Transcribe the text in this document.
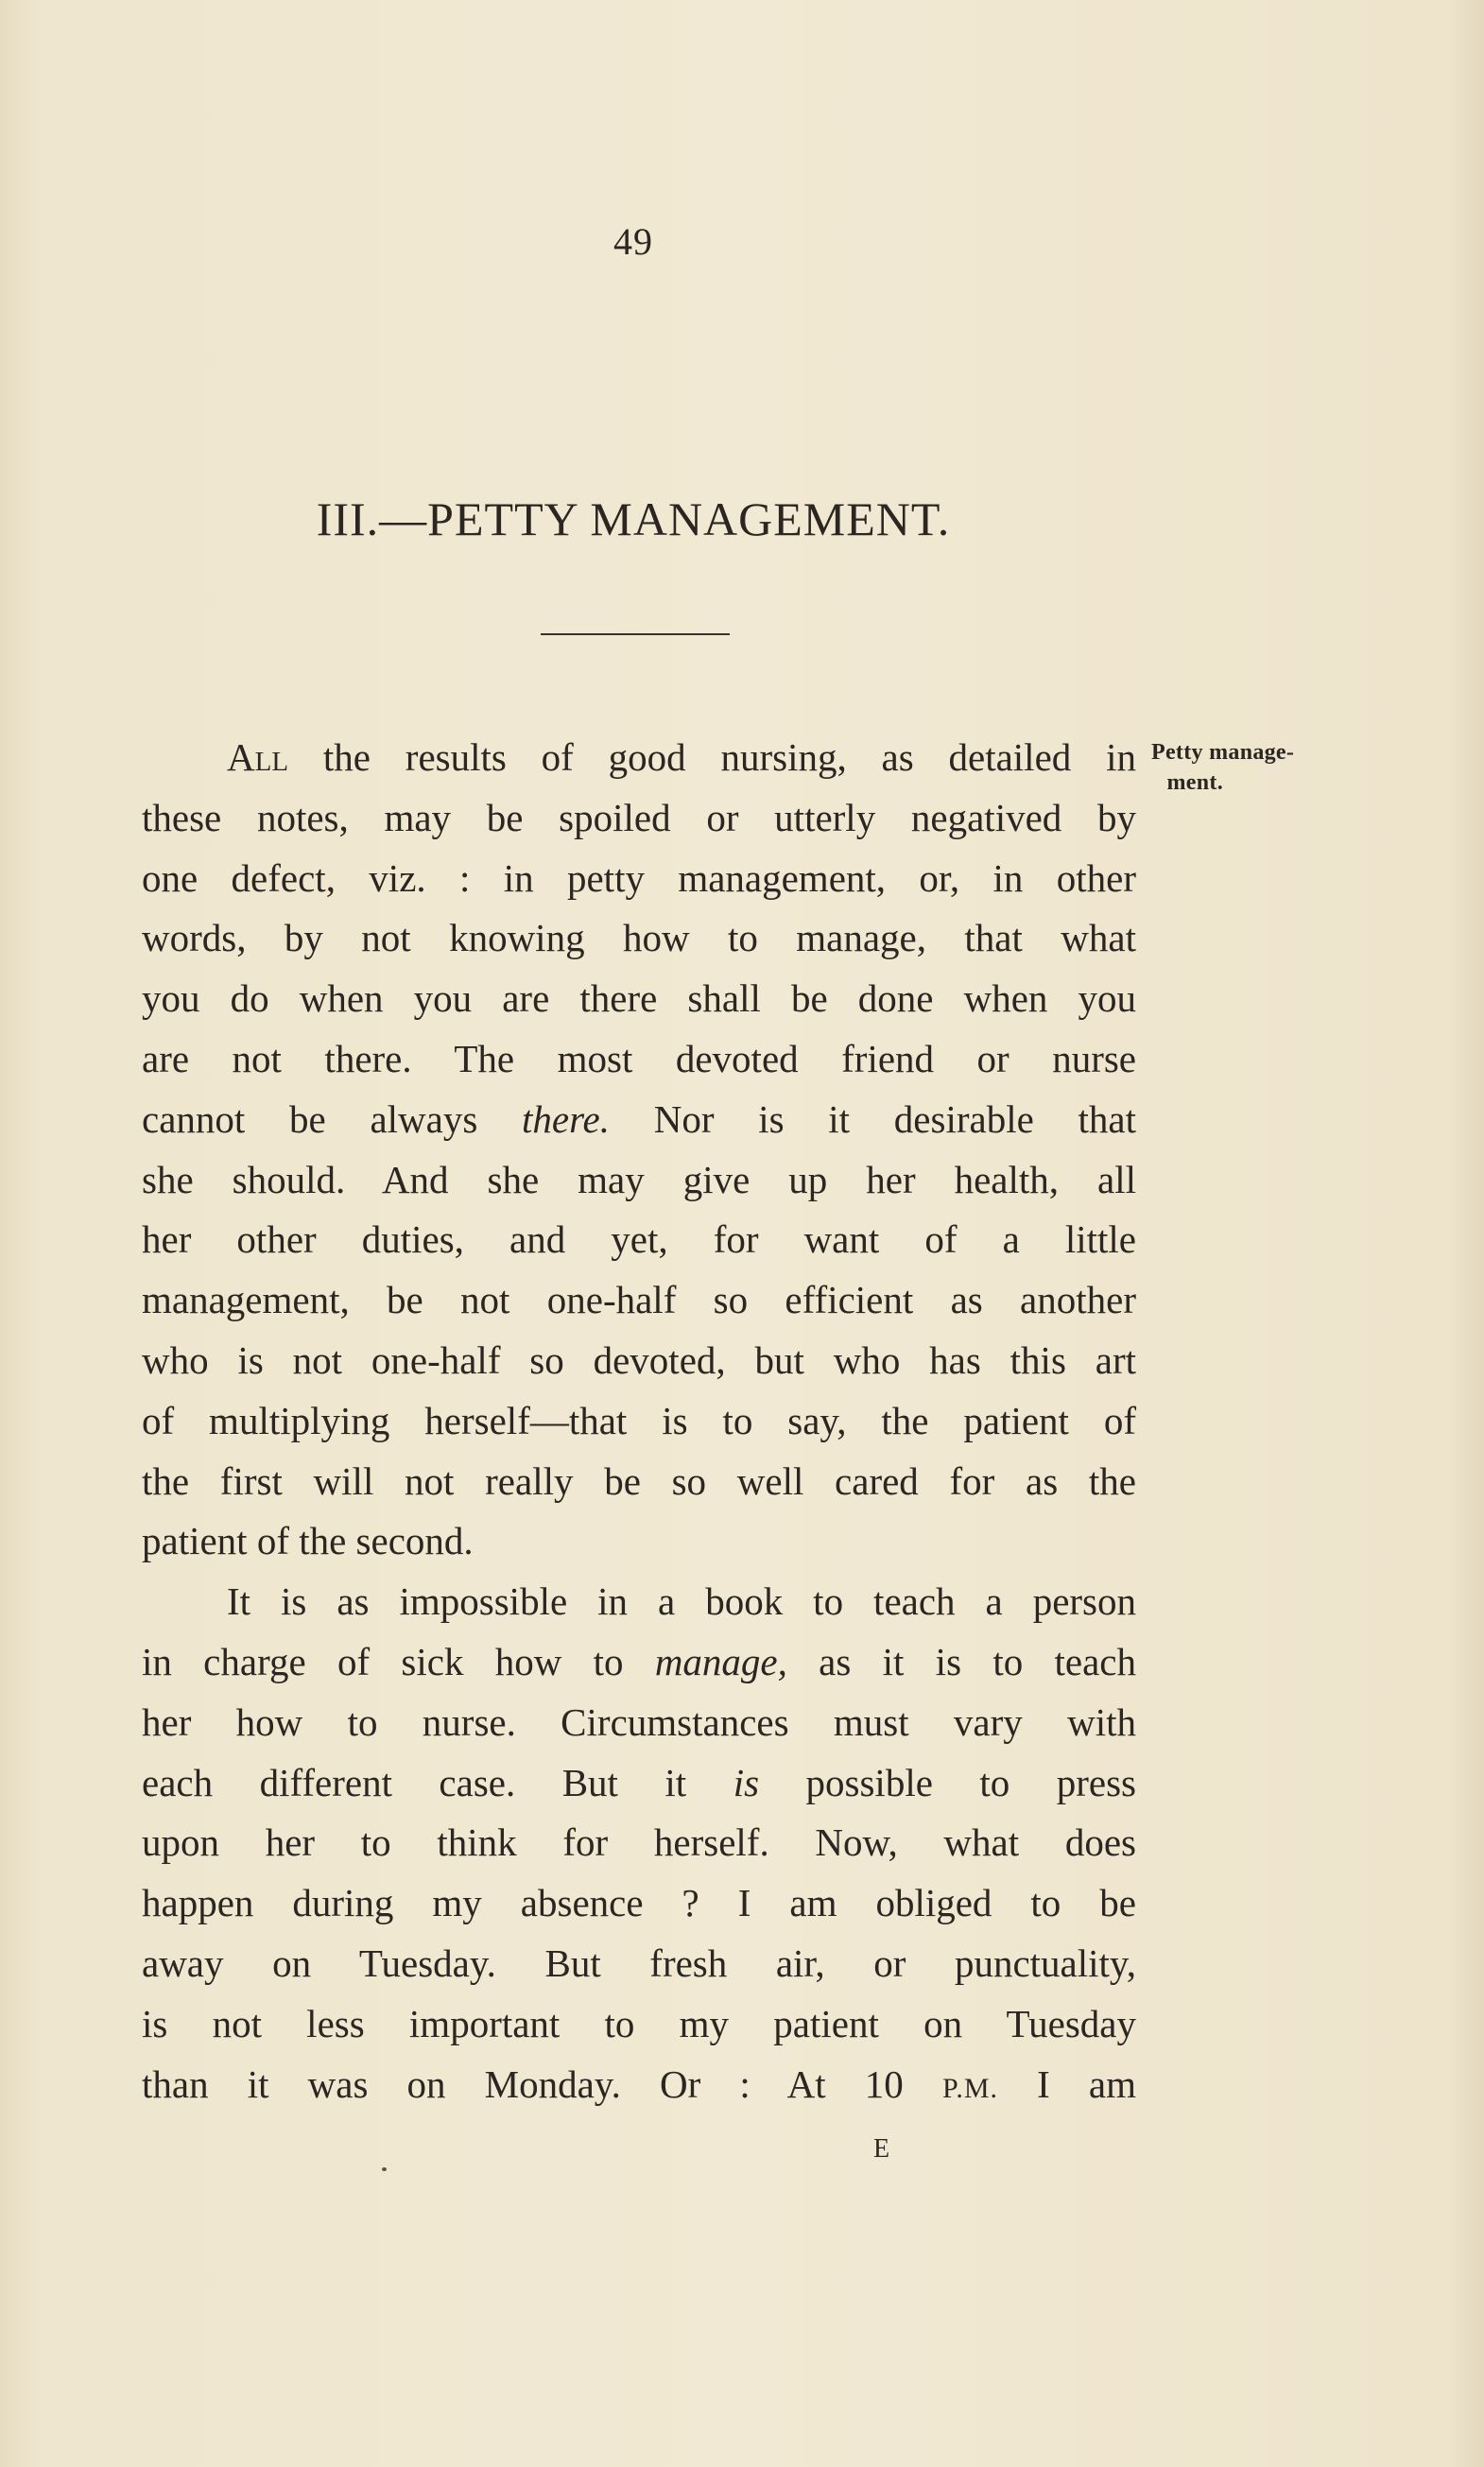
49
III.—PETTY MANAGEMENT.
Petty manage-
ment.
All the results of good nursing, as detailed in
these notes, may be spoiled or utterly negatived by
one defect, viz. : in petty management, or, in other
words, by not knowing how to manage, that what
you do when you are there shall be done when you
are not there. The most devoted friend or nurse
cannot be always there. Nor is it desirable that
she should. And she may give up her health, all
her other duties, and yet, for want of a little
management, be not one-half so efficient as another
who is not one-half so devoted, but who has this art
of multiplying herself—that is to say, the patient of
the first will not really be so well cared for as the
patient of the second.
It is as impossible in a book to teach a person
in charge of sick how to manage, as it is to teach
her how to nurse. Circumstances must vary with
each different case. But it is possible to press
upon her to think for herself. Now, what does
happen during my absence ? I am obliged to be
away on Tuesday. But fresh air, or punctuality,
is not less important to my patient on Tuesday
than it was on Monday. Or : At 10 P.M. I am
E
